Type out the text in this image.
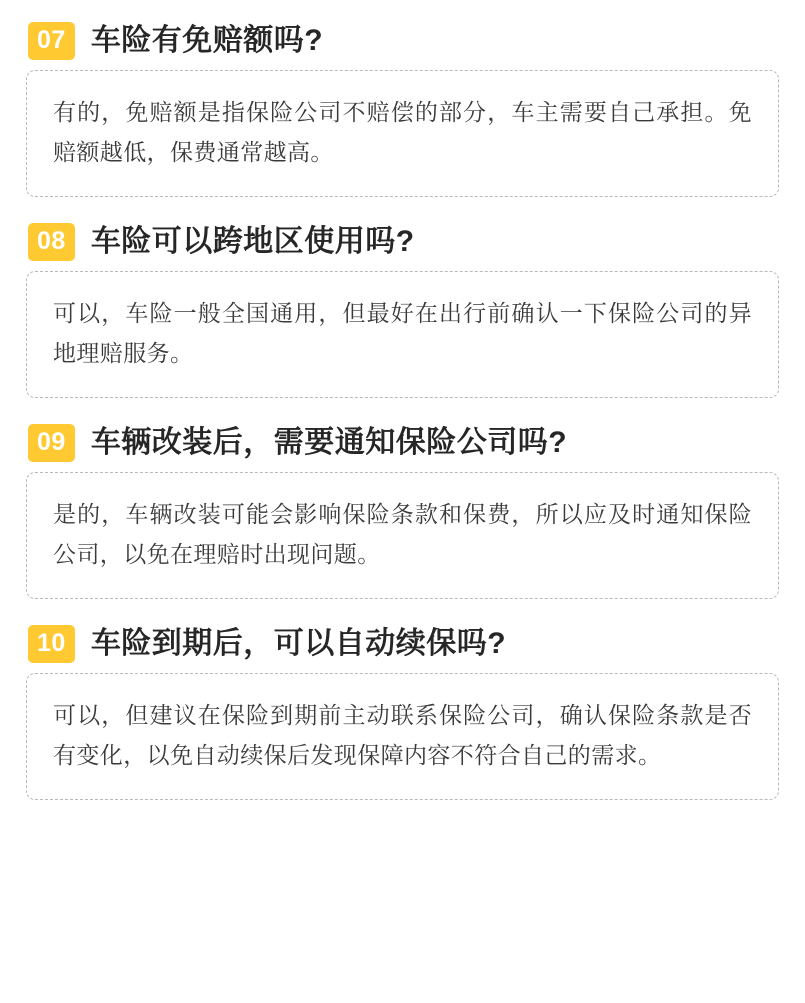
07 车险有免赔额吗?

有的，免赔额是指保险公司不赔偿的部分，车主需要自己承担。免赔额越低，保费通常越高。

08 车险可以跨地区使用吗?

可以，车险一般全国通用，但最好在出行前确认一下保险公司的异地理赔服务。

09 车辆改装后，需要通知保险公司吗?

是的，车辆改装可能会影响保险条款和保费，所以应及时通知保险公司，以免在理赔时出现问题。

10 车险到期后，可以自动续保吗?

可以，但建议在保险到期前主动联系保险公司，确认保险条款是否有变化，以免自动续保后发现保障内容不符合自己的需求。
